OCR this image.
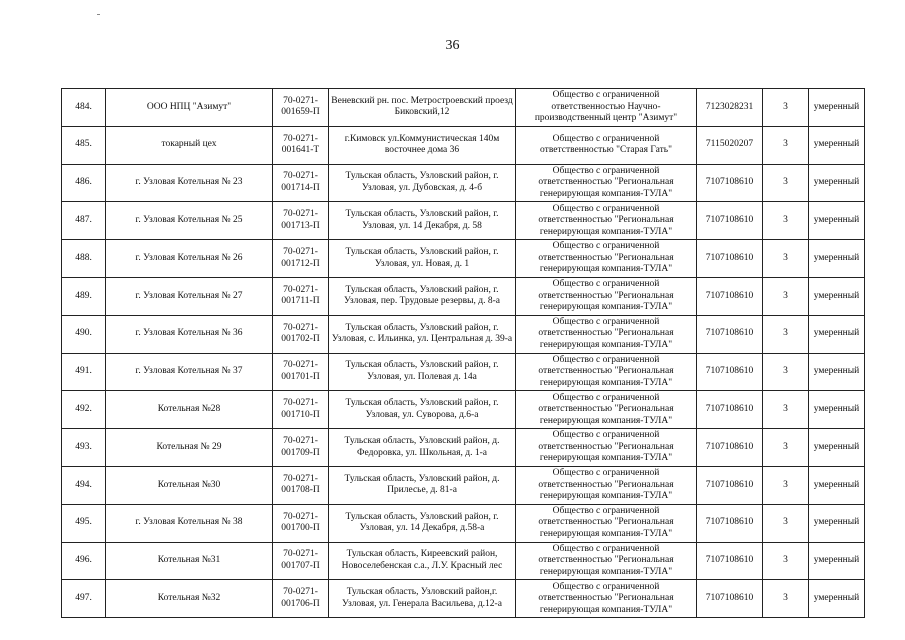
36
484.	ООО НПЦ "Азимут"	70-0271-001659-П	Веневский рн. пос. Метростроевский проезд Биковский,12	Общество с ограниченной ответственностью Научно-производственный центр "Азимут"	7123028231	3	умеренный
485.	токарный цех	70-0271-001641-Т	г.Кимовск ул.Коммунистическая 140м восточнее дома 36	Общество с ограниченной ответственностью "Старая Гать"	7115020207	3	умеренный
486.	г. Узловая Котельная № 23	70-0271-001714-П	Тульская область, Узловский район, г. Узловая, ул. Дубовская, д. 4-б	Общество с ограниченной ответственностью "Региональная генерирующая компания-ТУЛА"	7107108610	3	умеренный
487.	г. Узловая Котельная № 25	70-0271-001713-П	Тульская область, Узловский район, г. Узловая, ул. 14 Декабря, д. 58	Общество с ограниченной ответственностью "Региональная генерирующая компания-ТУЛА"	7107108610	3	умеренный
488.	г. Узловая Котельная № 26	70-0271-001712-П	Тульская область, Узловский район, г. Узловая, ул. Новая, д. 1	Общество с ограниченной ответственностью "Региональная генерирующая компания-ТУЛА"	7107108610	3	умеренный
489.	г. Узловая Котельная № 27	70-0271-001711-П	Тульская область, Узловский район, г. Узловая, пер. Трудовые резервы, д. 8-а	Общество с ограниченной ответственностью "Региональная генерирующая компания-ТУЛА"	7107108610	3	умеренный
490.	г. Узловая Котельная № 36	70-0271-001702-П	Тульская область, Узловский район, г. Узловая, с. Ильинка, ул. Центральная д. 39-а	Общество с ограниченной ответственностью "Региональная генерирующая компания-ТУЛА"	7107108610	3	умеренный
491.	г. Узловая Котельная № 37	70-0271-001701-П	Тульская область, Узловский район, г. Узловая, ул. Полевая д. 14а	Общество с ограниченной ответственностью "Региональная генерирующая компания-ТУЛА"	7107108610	3	умеренный
492.	Котельная №28	70-0271-001710-П	Тульская область, Узловский район, г. Узловая, ул. Суворова, д.6-а	Общество с ограниченной ответственностью "Региональная генерирующая компания-ТУЛА"	7107108610	3	умеренный
493.	Котельная № 29	70-0271-001709-П	Тульская область, Узловский район, д. Федоровка, ул. Школьная, д. 1-а	Общество с ограниченной ответственностью "Региональная генерирующая компания-ТУЛА"	7107108610	3	умеренный
494.	Котельная №30	70-0271-001708-П	Тульская область, Узловский район, д. Прилесье, д. 81-а	Общество с ограниченной ответственностью "Региональная генерирующая компания-ТУЛА"	7107108610	3	умеренный
495.	г. Узловая Котельная № 38	70-0271-001700-П	Тульская область, Узловский район, г. Узловая, ул. 14 Декабря, д.58-а	Общество с ограниченной ответственностью "Региональная генерирующая компания-ТУЛА"	7107108610	3	умеренный
496.	Котельная №31	70-0271-001707-П	Тульская область, Киреевский район, Новоселебенская с.а., Л.У. Красный лес	Общество с ограниченной ответственностью "Региональная генерирующая компания-ТУЛА"	7107108610	3	умеренный
497.	Котельная №32	70-0271-001706-П	Тульская область, Узловский район,г. Узловая, ул. Генерала Васильева, д.12-а	Общество с ограниченной ответственностью "Региональная генерирующая компания-ТУЛА"	7107108610	3	умеренный
